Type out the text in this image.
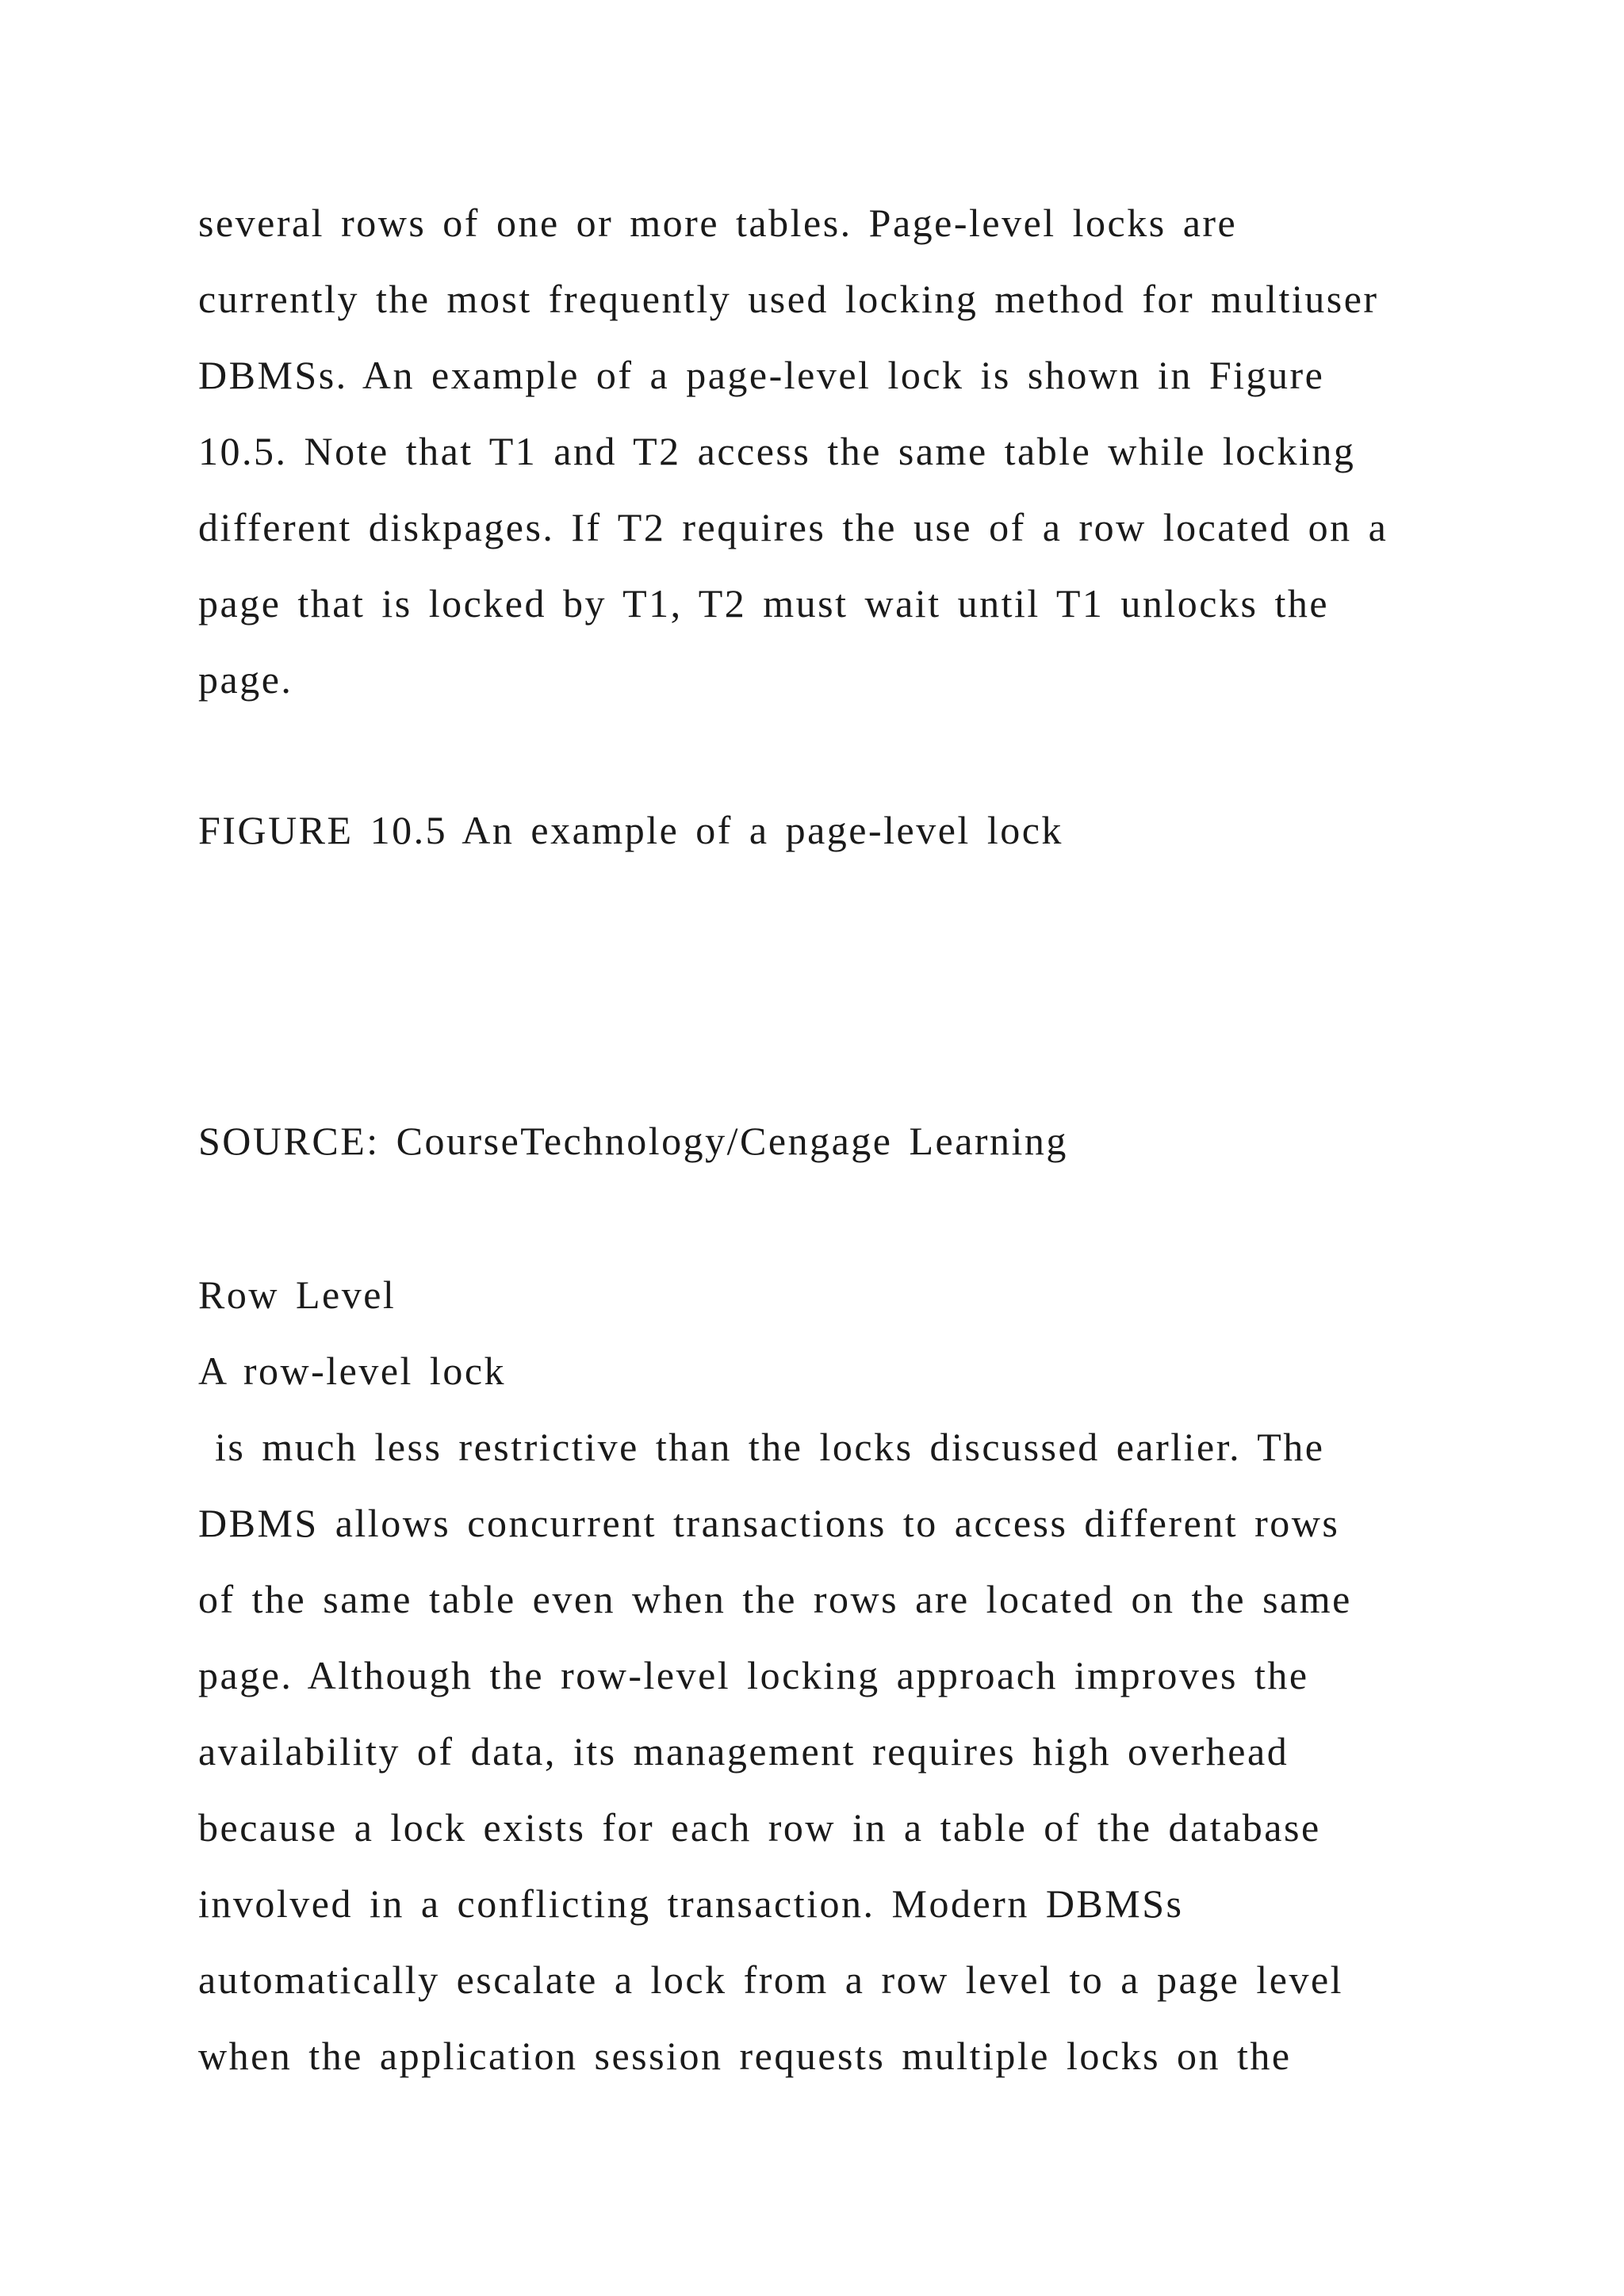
several rows of one or more tables. Page-level locks are

currently the most frequently used locking method for multiuser

DBMSs. An example of a page-level lock is shown in Figure

10.5. Note that T1 and T2 access the same table while locking

different diskpages. If T2 requires the use of a row located on a

page that is locked by T1, T2 must wait until T1 unlocks the

page.

FIGURE 10.5 An example of a page-level lock

SOURCE: CourseTechnology/Cengage Learning

Row Level

A row-level lock

is much less restrictive than the locks discussed earlier. The

DBMS allows concurrent transactions to access different rows

of the same table even when the rows are located on the same

page. Although the row-level locking approach improves the

availability of data, its management requires high overhead

because a lock exists for each row in a table of the database

involved in a conflicting transaction. Modern DBMSs

automatically escalate a lock from a row level to a page level

when the application session requests multiple locks on the
